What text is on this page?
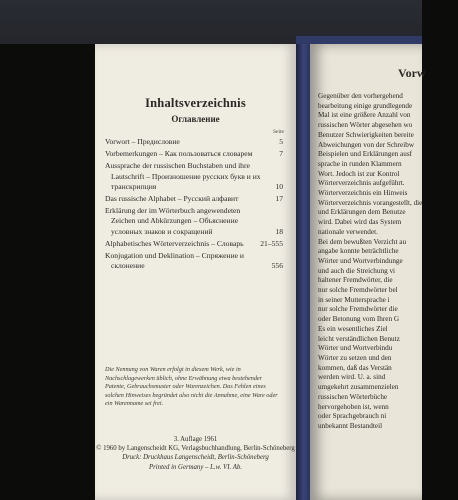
Inhaltsverzeichnis
Оглавление
Seite
Vorwort – Предисловие	5
Vorbemerkungen – Как пользоваться словарем	7
Aussprache der russischen Buchstaben und ihre Lautschrift – Произношение русских букв и их транскрипция	10
Das russische Alphabet – Русский алфавит	17
Erklärung der im Wörterbuch angewendeten Zeichen und Abkürzungen – Объяснение условных знаков и сокращений	18
Alphabetisches Wörterverzeichnis – Словарь	21–555
Konjugation und Deklination – Спряжение и склонение	556
Die Nennung von Waren erfolgt in diesem Werk, wie in Nachschlagewerken üblich, ohne Erwähnung etwa bestehender Patente, Gebrauchsmuster oder Warenzeichen. Das Fehlen eines solchen Hinweises begründet also nicht die Annahme, eine Ware oder ein Warenname sei frei.
3. Auflage 1961
© 1960 by Langenscheidt KG, Verlagsbuchhandlung, Berlin-Schöneberg
Druck: Druckhaus Langenscheidt, Berlin-Schöneberg
Printed in Germany – L.w. VI. Ab.
Vorw
Gegenüber den vorhergehend
bearbeitung einige grundlegende
Mal ist eine größere Anzahl von
russischen Wörter abgesehen wo
Benutzer Schwierigkeiten bereite
Abweichungen von der Schreibw
Beispielen und Erklärungen ausf
sprache in runden Klammern
Wort. Jedoch ist zur Kontrol
Wörterverzeichnis aufgeführt.
Wörterverzeichnis ein Hinweis
Wörterverzeichnis vorangestellt, die
und Erklärungen dem Benutze
wird. Dabei wird das System
nationale verwendet.
Bei dem bewußten Verzicht au
angabe konnte beträchtliche
Wörter und Wortverbindunge
und auch die Streichung vi
haltener Fremdwörter, die
nur solche Fremdwörter bel
in seiner Muttersprache i
nur solche Fremdwörter die
oder Betonung vom Ihren G
Es ein wesentliches Ziel
leicht verständlichen Benutz
Wörter und Wortverbindu
Wörter zu setzen und den
kommen, daß das Verstän
werden wird. U. a. sind
umgekehrt zusammenzielen
russischen Wörterbüche
hervorgehoben ist, wenn
oder Sprachgebrauch ni
unbekannt Bestandteil
